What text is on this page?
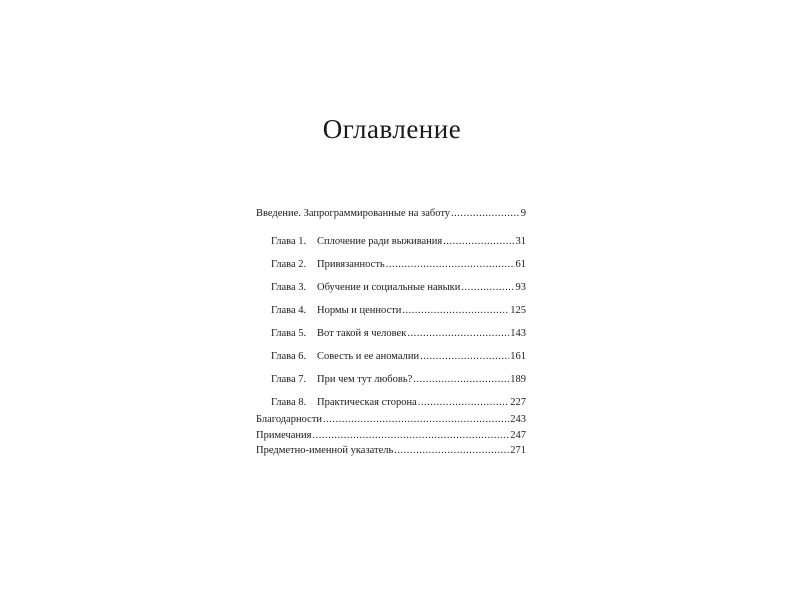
Оглавление
Введение. Запрограммированные на заботу .....	9
Глава 1. Сплочение ради выживания .....	31
Глава 2. Привязанность .....	61
Глава 3. Обучение и социальные навыки .....	93
Глава 4. Нормы и ценности .....	125
Глава 5. Вот такой я человек .....	143
Глава 6. Совесть и ее аномалии .....	161
Глава 7. При чем тут любовь? .....	189
Глава 8. Практическая сторона .....	227
Благодарности .....	243
Примечания .....	247
Предметно-именной указатель .....	271
